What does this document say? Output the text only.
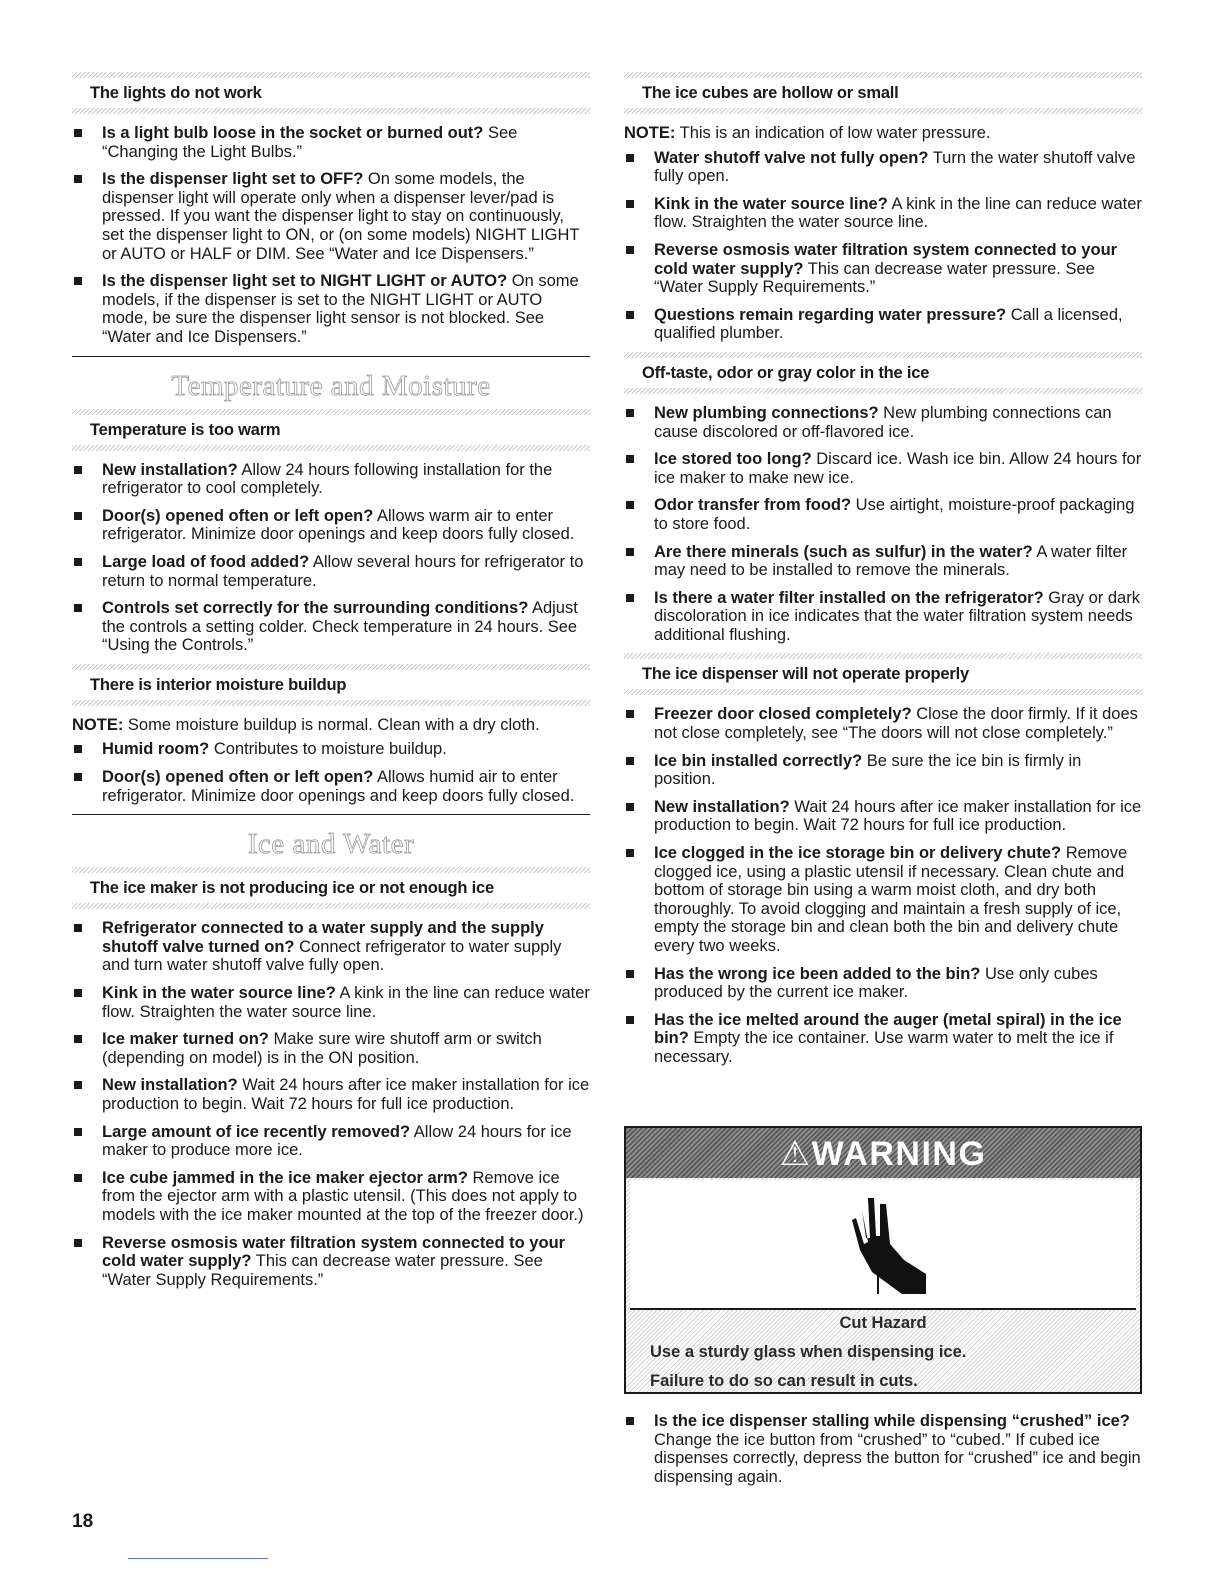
The lights do not work
Is a light bulb loose in the socket or burned out? See “Changing the Light Bulbs.”
Is the dispenser light set to OFF? On some models, the dispenser light will operate only when a dispenser lever/pad is pressed. If you want the dispenser light to stay on continuously, set the dispenser light to ON, or (on some models) NIGHT LIGHT or AUTO or HALF or DIM. See “Water and Ice Dispensers.”
Is the dispenser light set to NIGHT LIGHT or AUTO? On some models, if the dispenser is set to the NIGHT LIGHT or AUTO mode, be sure the dispenser light sensor is not blocked. See “Water and Ice Dispensers.”
Temperature and Moisture
Temperature is too warm
New installation? Allow 24 hours following installation for the refrigerator to cool completely.
Door(s) opened often or left open? Allows warm air to enter refrigerator. Minimize door openings and keep doors fully closed.
Large load of food added? Allow several hours for refrigerator to return to normal temperature.
Controls set correctly for the surrounding conditions? Adjust the controls a setting colder. Check temperature in 24 hours. See “Using the Controls.”
There is interior moisture buildup
NOTE: Some moisture buildup is normal. Clean with a dry cloth.
Humid room? Contributes to moisture buildup.
Door(s) opened often or left open? Allows humid air to enter refrigerator. Minimize door openings and keep doors fully closed.
Ice and Water
The ice maker is not producing ice or not enough ice
Refrigerator connected to a water supply and the supply shutoff valve turned on? Connect refrigerator to water supply and turn water shutoff valve fully open.
Kink in the water source line? A kink in the line can reduce water flow. Straighten the water source line.
Ice maker turned on? Make sure wire shutoff arm or switch (depending on model) is in the ON position.
New installation? Wait 24 hours after ice maker installation for ice production to begin. Wait 72 hours for full ice production.
Large amount of ice recently removed? Allow 24 hours for ice maker to produce more ice.
Ice cube jammed in the ice maker ejector arm? Remove ice from the ejector arm with a plastic utensil. (This does not apply to models with the ice maker mounted at the top of the freezer door.)
Reverse osmosis water filtration system connected to your cold water supply? This can decrease water pressure. See “Water Supply Requirements.”
The ice cubes are hollow or small
NOTE: This is an indication of low water pressure.
Water shutoff valve not fully open? Turn the water shutoff valve fully open.
Kink in the water source line? A kink in the line can reduce water flow. Straighten the water source line.
Reverse osmosis water filtration system connected to your cold water supply? This can decrease water pressure. See “Water Supply Requirements.”
Questions remain regarding water pressure? Call a licensed, qualified plumber.
Off-taste, odor or gray color in the ice
New plumbing connections? New plumbing connections can cause discolored or off-flavored ice.
Ice stored too long? Discard ice. Wash ice bin. Allow 24 hours for ice maker to make new ice.
Odor transfer from food? Use airtight, moisture-proof packaging to store food.
Are there minerals (such as sulfur) in the water? A water filter may need to be installed to remove the minerals.
Is there a water filter installed on the refrigerator? Gray or dark discoloration in ice indicates that the water filtration system needs additional flushing.
The ice dispenser will not operate properly
Freezer door closed completely? Close the door firmly. If it does not close completely, see “The doors will not close completely.”
Ice bin installed correctly? Be sure the ice bin is firmly in position.
New installation? Wait 24 hours after ice maker installation for ice production to begin. Wait 72 hours for full ice production.
Ice clogged in the ice storage bin or delivery chute? Remove clogged ice, using a plastic utensil if necessary. Clean chute and bottom of storage bin using a warm moist cloth, and dry both thoroughly. To avoid clogging and maintain a fresh supply of ice, empty the storage bin and clean both the bin and delivery chute every two weeks.
Has the wrong ice been added to the bin? Use only cubes produced by the current ice maker.
Has the ice melted around the auger (metal spiral) in the ice bin? Empty the ice container. Use warm water to melt the ice if necessary.
⚠WARNING
Cut Hazard
Use a sturdy glass when dispensing ice.
Failure to do so can result in cuts.
Is the ice dispenser stalling while dispensing “crushed” ice? Change the ice button from “crushed” to “cubed.” If cubed ice dispenses correctly, depress the button for “crushed” ice and begin dispensing again.
18
